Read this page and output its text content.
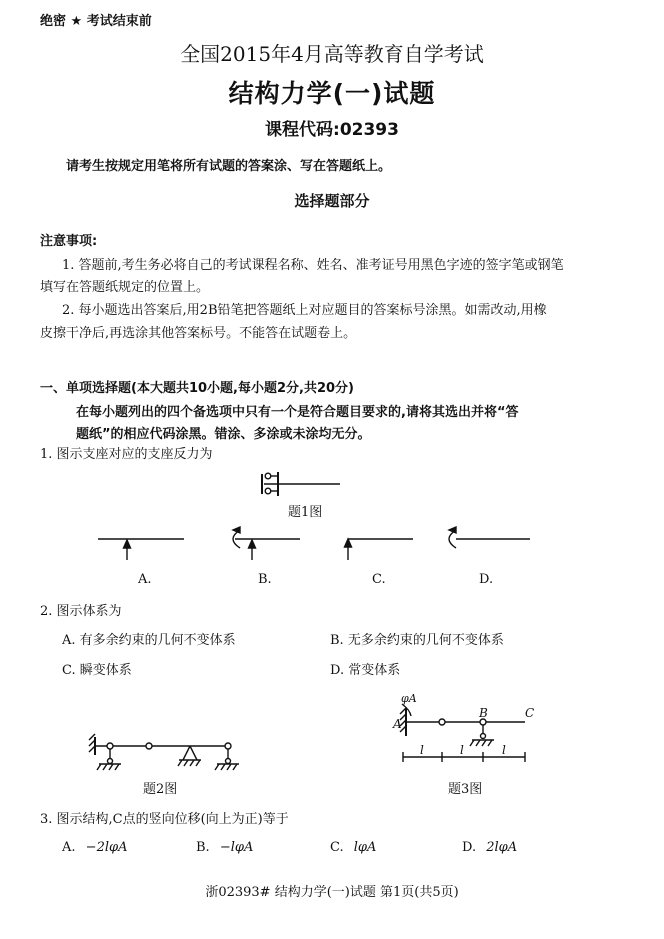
绝密 ★ 考试结束前
全国2015年4月高等教育自学考试
结构力学(一)试题
课程代码:02393
请考生按规定用笔将所有试题的答案涂、写在答题纸上。
选择题部分
注意事项:
1. 答题前,考生务必将自己的考试课程名称、姓名、准考证号用黑色字迹的签字笔或钢笔
填写在答题纸规定的位置上。
2. 每小题选出答案后,用2B铅笔把答题纸上对应题目的答案标号涂黑。如需改动,用橡
皮擦干净后,再选涂其他答案标号。不能答在试题卷上。
一、单项选择题(本大题共10小题,每小题2分,共20分)
在每小题列出的四个备选项中只有一个是符合题目要求的,请将其选出并将“答
题纸”的相应代码涂黑。错涂、多涂或未涂均无分。
1. 图示支座对应的支座反力为
题1图
A.	B.	C.	D.
2. 图示体系为
A. 有多余约束的几何不变体系	B. 无多余约束的几何不变体系
C. 瞬变体系	D. 常变体系
题2图
A
φA
B	C
l	l	l
题3图
3. 图示结构,C点的竖向位移(向上为正)等于
A. −2lφA	B. −lφA	C. lφA	D. 2lφA
浙02393# 结构力学(一)试题 第1页(共5页)
